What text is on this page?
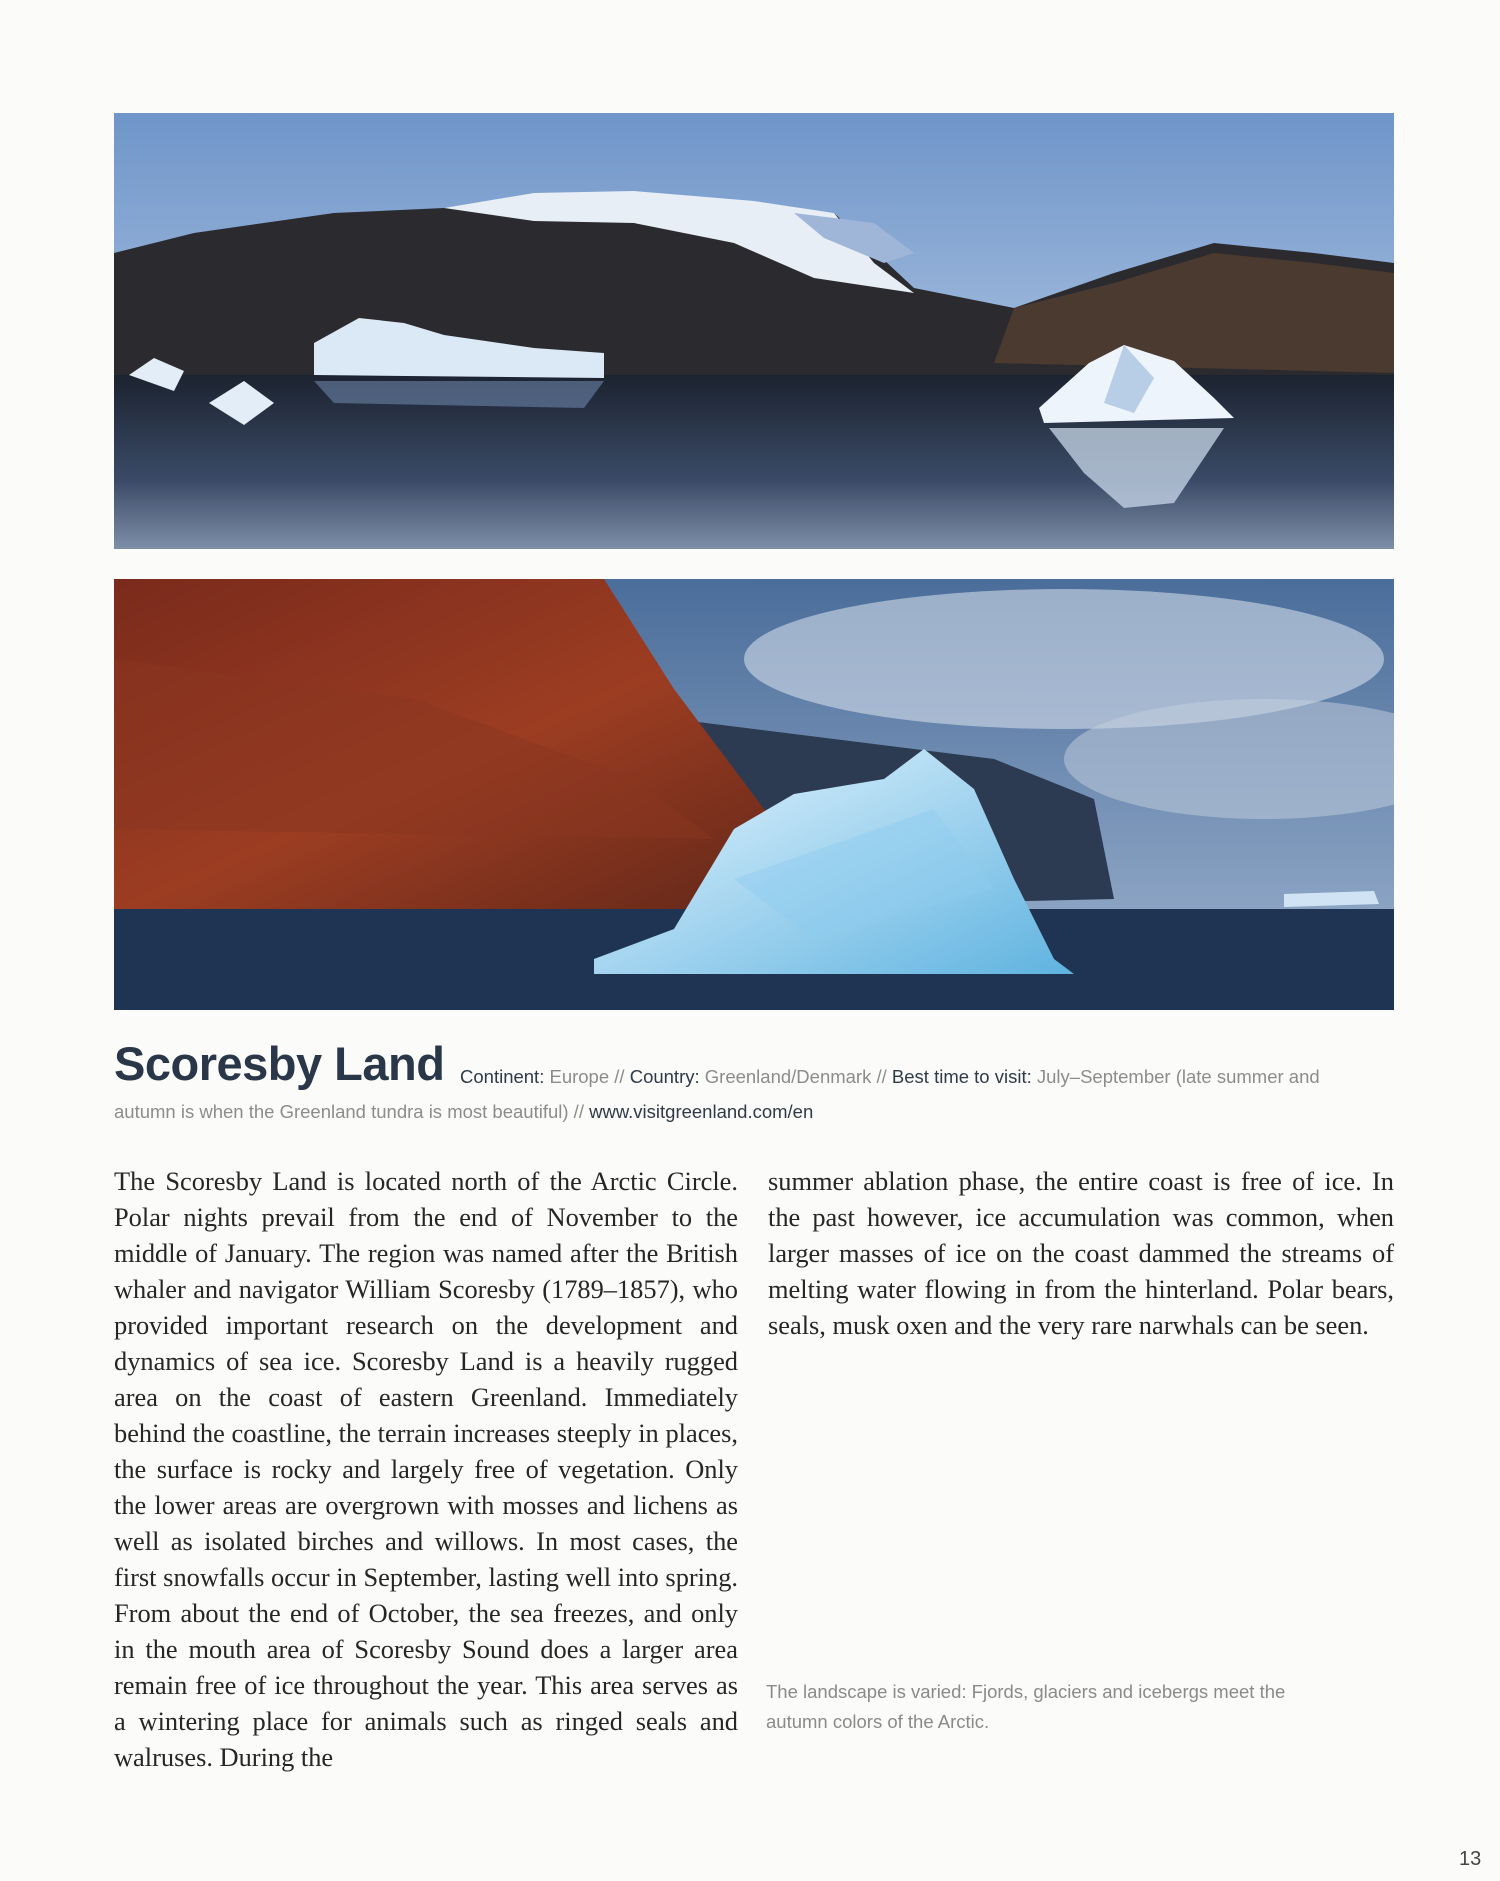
Scoresby Land Continent: Europe // Country: Greenland/Denmark // Best time to visit: July–September (late summer and
autumn is when the Greenland tundra is most beautiful) // www.visitgreenland.com/en
The Scoresby Land is located north of the Arctic Circle. Polar nights prevail from the end of November to the middle of January. The region was named after the British whaler and navigator William Scoresby (1789–1857), who provided important research on the development and dynamics of sea ice. Scoresby Land is a heavily rugged area on the coast of eastern Greenland. Immediately behind the coastline, the terrain increases steeply in places, the surface is rocky and largely free of vegetation. Only the lower areas are overgrown with mosses and lichens as well as isolated birches and willows. In most cases, the first snowfalls occur in September, lasting well into spring. From about the end of October, the sea freezes, and only in the mouth area of Scoresby Sound does a larger area remain free of ice throughout the year. This area serves as a wintering place for animals such as ringed seals and walruses. During the
summer ablation phase, the entire coast is free of ice. In the past however, ice accumulation was common, when larger masses of ice on the coast dammed the streams of melting water flowing in from the hinterland. Polar bears, seals, musk oxen and the very rare narwhals can be seen.
The landscape is varied: Fjords, glaciers and icebergs meet the autumn colors of the Arctic.
13
